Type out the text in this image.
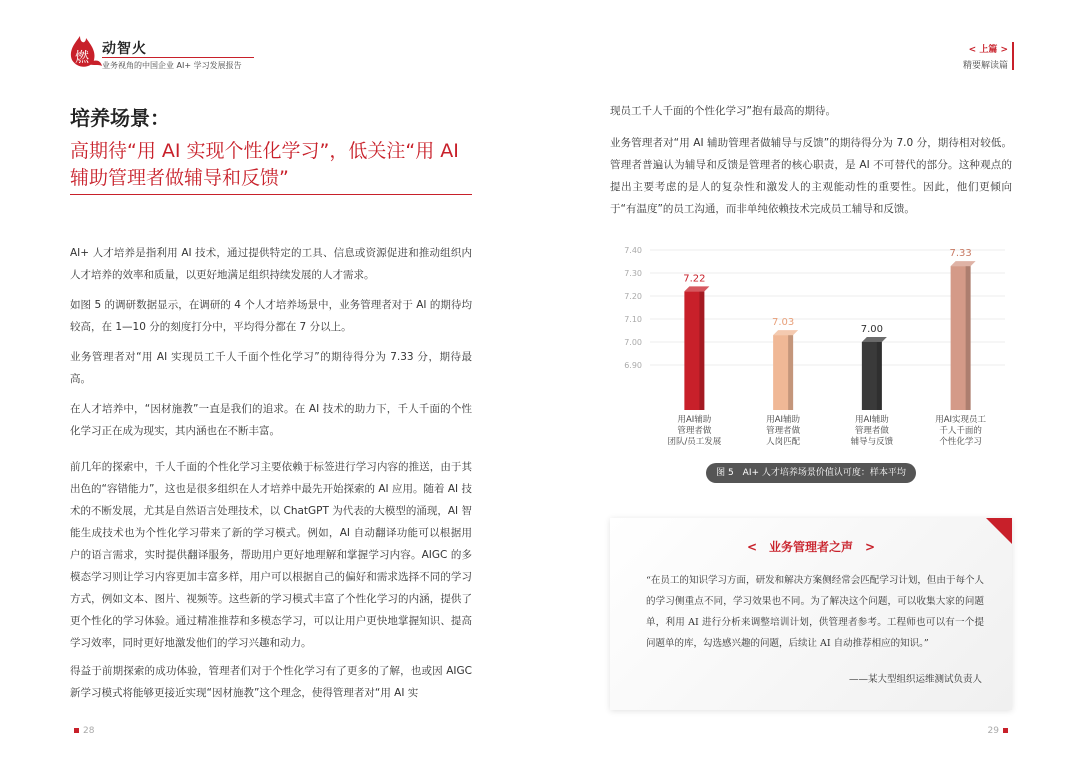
燃
动智火
业务视角的中国企业 AI+ 学习发展报告
培养场景：
高期待“用 AI 实现个性化学习”，低关注“用 AI 辅助管理者做辅导和反馈”
AI+ 人才培养是指利用 AI 技术，通过提供特定的工具、信息或资源促进和推动组织内人才培养的效率和质量，以更好地满足组织持续发展的人才需求。
如图 5 的调研数据显示，在调研的 4 个人才培养场景中，业务管理者对于 AI 的期待均较高，在 1—10 分的刻度打分中，平均得分都在 7 分以上。
业务管理者对“用 AI 实现员工千人千面个性化学习”的期待得分为 7.33 分，期待最高。
在人才培养中，“因材施教”一直是我们的追求。在 AI 技术的助力下，千人千面的个性化学习正在成为现实，其内涵也在不断丰富。
前几年的探索中，千人千面的个性化学习主要依赖于标签进行学习内容的推送，由于其出色的“容错能力”，这也是很多组织在人才培养中最先开始探索的 AI 应用。随着 AI 技术的不断发展，尤其是自然语言处理技术，以 ChatGPT 为代表的大模型的涌现，AI 智能生成技术也为个性化学习带来了新的学习模式。例如，AI 自动翻译功能可以根据用户的语言需求，实时提供翻译服务，帮助用户更好地理解和掌握学习内容。AIGC 的多模态学习则让学习内容更加丰富多样，用户可以根据自己的偏好和需求选择不同的学习方式，例如文本、图片、视频等。这些新的学习模式丰富了个性化学习的内涵，提供了更个性化的学习体验。通过精准推荐和多模态学习，可以让用户更快地掌握知识、提高学习效率，同时更好地激发他们的学习兴趣和动力。
得益于前期探索的成功体验，管理者们对于个性化学习有了更多的了解，也或因 AIGC 新学习模式将能够更接近实现“因材施教”这个理念，使得管理者对“用 AI 实
28
< 上篇 >
精要解读篇
现员工千人千面的个性化学习”抱有最高的期待。
业务管理者对“用 AI 辅助管理者做辅导与反馈”的期待得分为 7.0 分，期待相对较低。管理者普遍认为辅导和反馈是管理者的核心职责，是 AI 不可替代的部分。这种观点的提出主要考虑的是人的复杂性和激发人的主观能动性的重要性。因此，他们更倾向于“有温度”的员工沟通，而非单纯依赖技术完成员工辅导和反馈。
7.40
7.30
7.20
7.10
7.00
6.90
7.22
用AI辅助
管理者做
团队/员工发展
7.03
用AI辅助
管理者做
人岗匹配
7.00
用AI辅助
管理者做
辅导与反馈
7.33
用AI实现员工
千人千面的
个性化学习
图 5　AI+ 人才培养场景价值认可度：样本平均
<　业务管理者之声　>
“在员工的知识学习方面，研发和解决方案侧经常会匹配学习计划，但由于每个人的学习侧重点不同，学习效果也不同。为了解决这个问题，可以收集大家的问题单，利用 AI 进行分析来调整培训计划，供管理者参考。工程师也可以有一个提问题单的库，勾选感兴趣的问题，后续让 AI 自动推荐相应的知识。”
——某大型组织运维测试负责人
29
